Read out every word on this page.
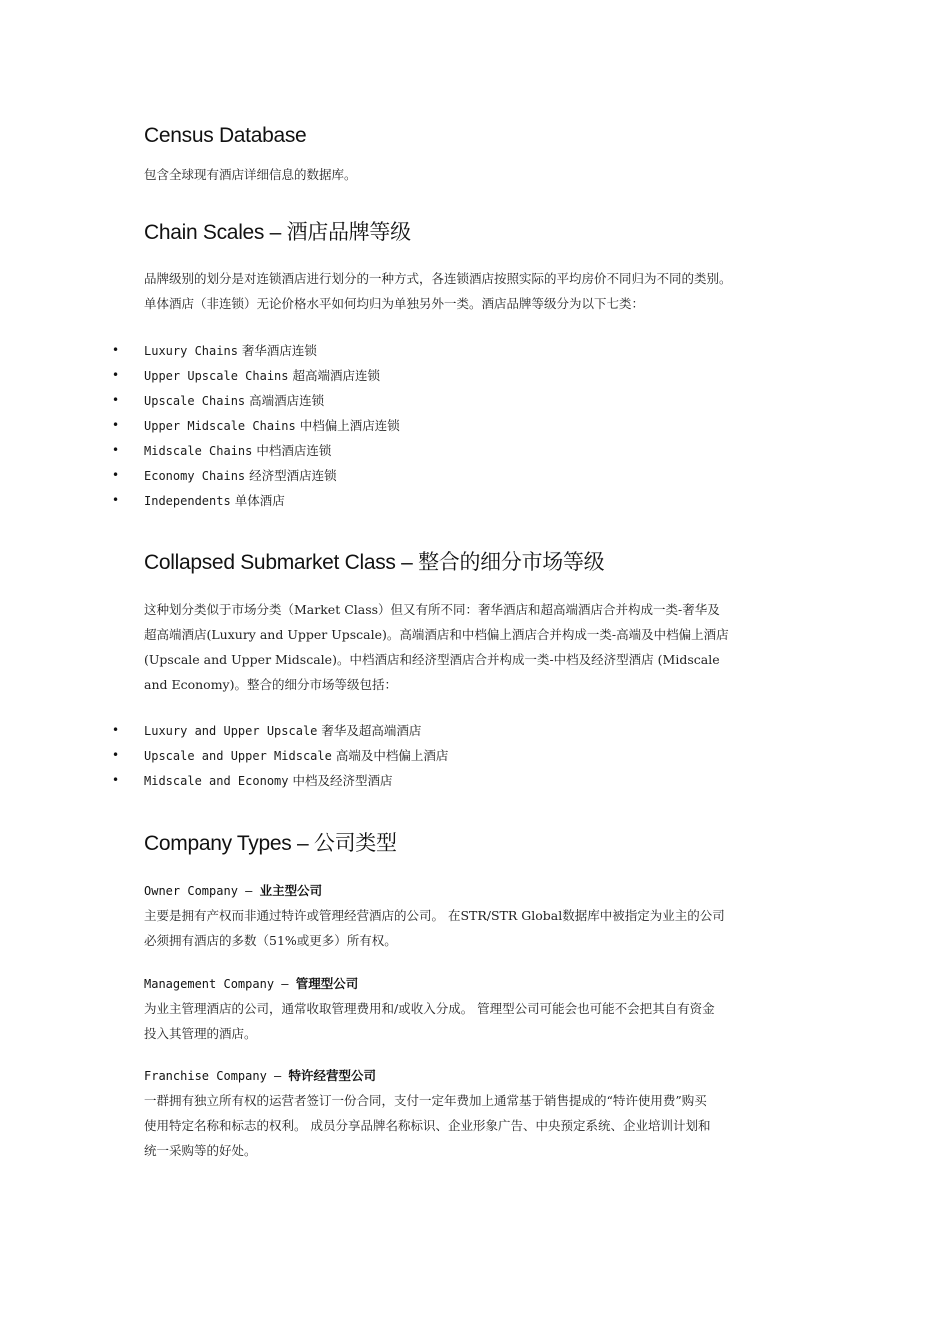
Census Database

包含全球现有酒店详细信息的数据库。

Chain Scales – 酒店品牌等级
品牌级别的划分是对连锁酒店进行划分的一种方式，各连锁酒店按照实际的平均房价不同归为不同的类别。
单体酒店（非连锁）无论价格水平如何均归为单独另外一类。酒店品牌等级分为以下七类：
• Luxury Chains 奢华酒店连锁
• Upper Upscale Chains 超高端酒店连锁
• Upscale Chains 高端酒店连锁
• Upper Midscale Chains 中档偏上酒店连锁
• Midscale Chains 中档酒店连锁
• Economy Chains 经济型酒店连锁
• Independents 单体酒店
Collapsed Submarket Class – 整合的细分市场等级
这种划分类似于市场分类（Market Class）但又有所不同：奢华酒店和超高端酒店合并构成一类-奢华及
超高端酒店(Luxury and Upper Upscale)。高端酒店和中档偏上酒店合并构成一类-高端及中档偏上酒店
(Upscale and Upper Midscale)。中档酒店和经济型酒店合并构成一类-中档及经济型酒店 (Midscale
and Economy)。整合的细分市场等级包括：
• Luxury and Upper Upscale 奢华及超高端酒店
• Upscale and Upper Midscale 高端及中档偏上酒店
• Midscale and Economy 中档及经济型酒店
Company Types – 公司类型
Owner Company – 业主型公司
主要是拥有产权而非通过特许或管理经营酒店的公司。 在STR/STR Global数据库中被指定为业主的公司
必须拥有酒店的多数（51%或更多）所有权。
Management Company – 管理型公司
为业主管理酒店的公司，通常收取管理费用和/或收入分成。 管理型公司可能会也可能不会把其自有资金
投入其管理的酒店。
Franchise Company – 特许经营型公司
一群拥有独立所有权的运营者签订一份合同，支付一定年费加上通常基于销售提成的“特许使用费”购买
使用特定名称和标志的权利。 成员分享品牌名称标识、企业形象广告、中央预定系统、企业培训计划和
统一采购等的好处。
